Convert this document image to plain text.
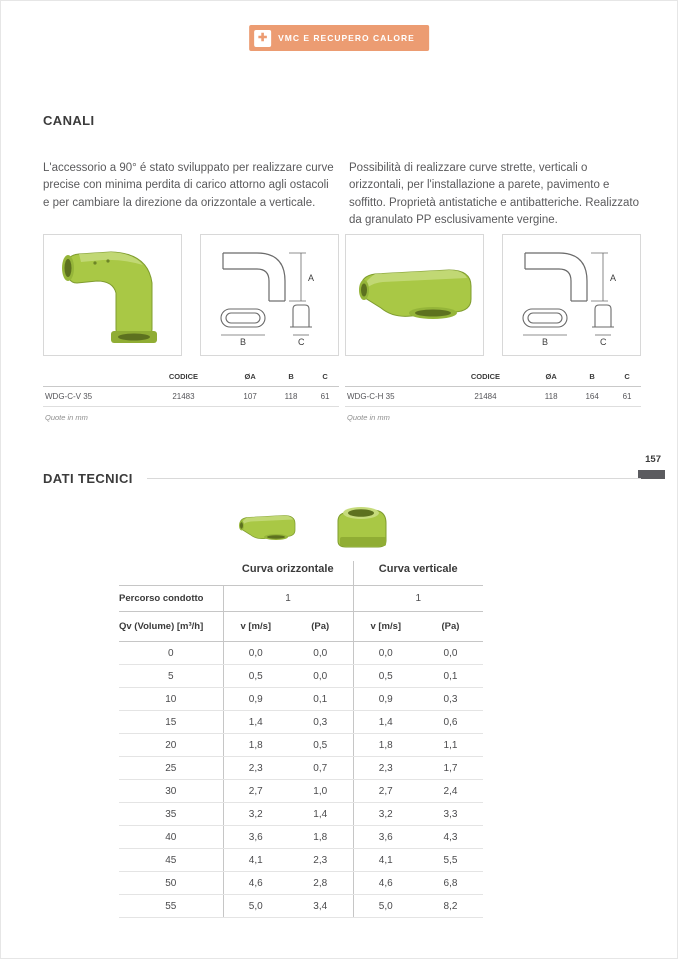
✚	VMC E RECUPERO CALORE
CANALI

L'accessorio a 90° é stato sviluppato per realizzare curve precise con minima perdita di carico attorno agli ostacoli e per cambiare la direzione da orizzontale a verticale.

Possibilità di realizzare curve strette, verticali o orizzontali, per l'installazione a parete, pavimento e soffitto. Proprietà antistatiche e antibatteriche. Realizzato da granulato PP esclusivamente vergine.

A
B	C
	CODICE	ØA	B	C
WDG-C-V 35	21483	107	118	61
Quote in mm
A
B	C
	CODICE	ØA	B	C
WDG-C-H 35	21484	118	164	61
Quote in mm
157
DATI TECNICI
	Curva orizzontale		Curva verticale	
Percorso condotto	1		1	
Qv (Volume) [m³/h]	v [m/s]	(Pa)	v [m/s]	(Pa)
0	0,0	0,0	0,0	0,0
5	0,5	0,0	0,5	0,1
10	0,9	0,1	0,9	0,3
15	1,4	0,3	1,4	0,6
20	1,8	0,5	1,8	1,1
25	2,3	0,7	2,3	1,7
30	2,7	1,0	2,7	2,4
35	3,2	1,4	3,2	3,3
40	3,6	1,8	3,6	4,3
45	4,1	2,3	4,1	5,5
50	4,6	2,8	4,6	6,8
55	5,0	3,4	5,0	8,2
